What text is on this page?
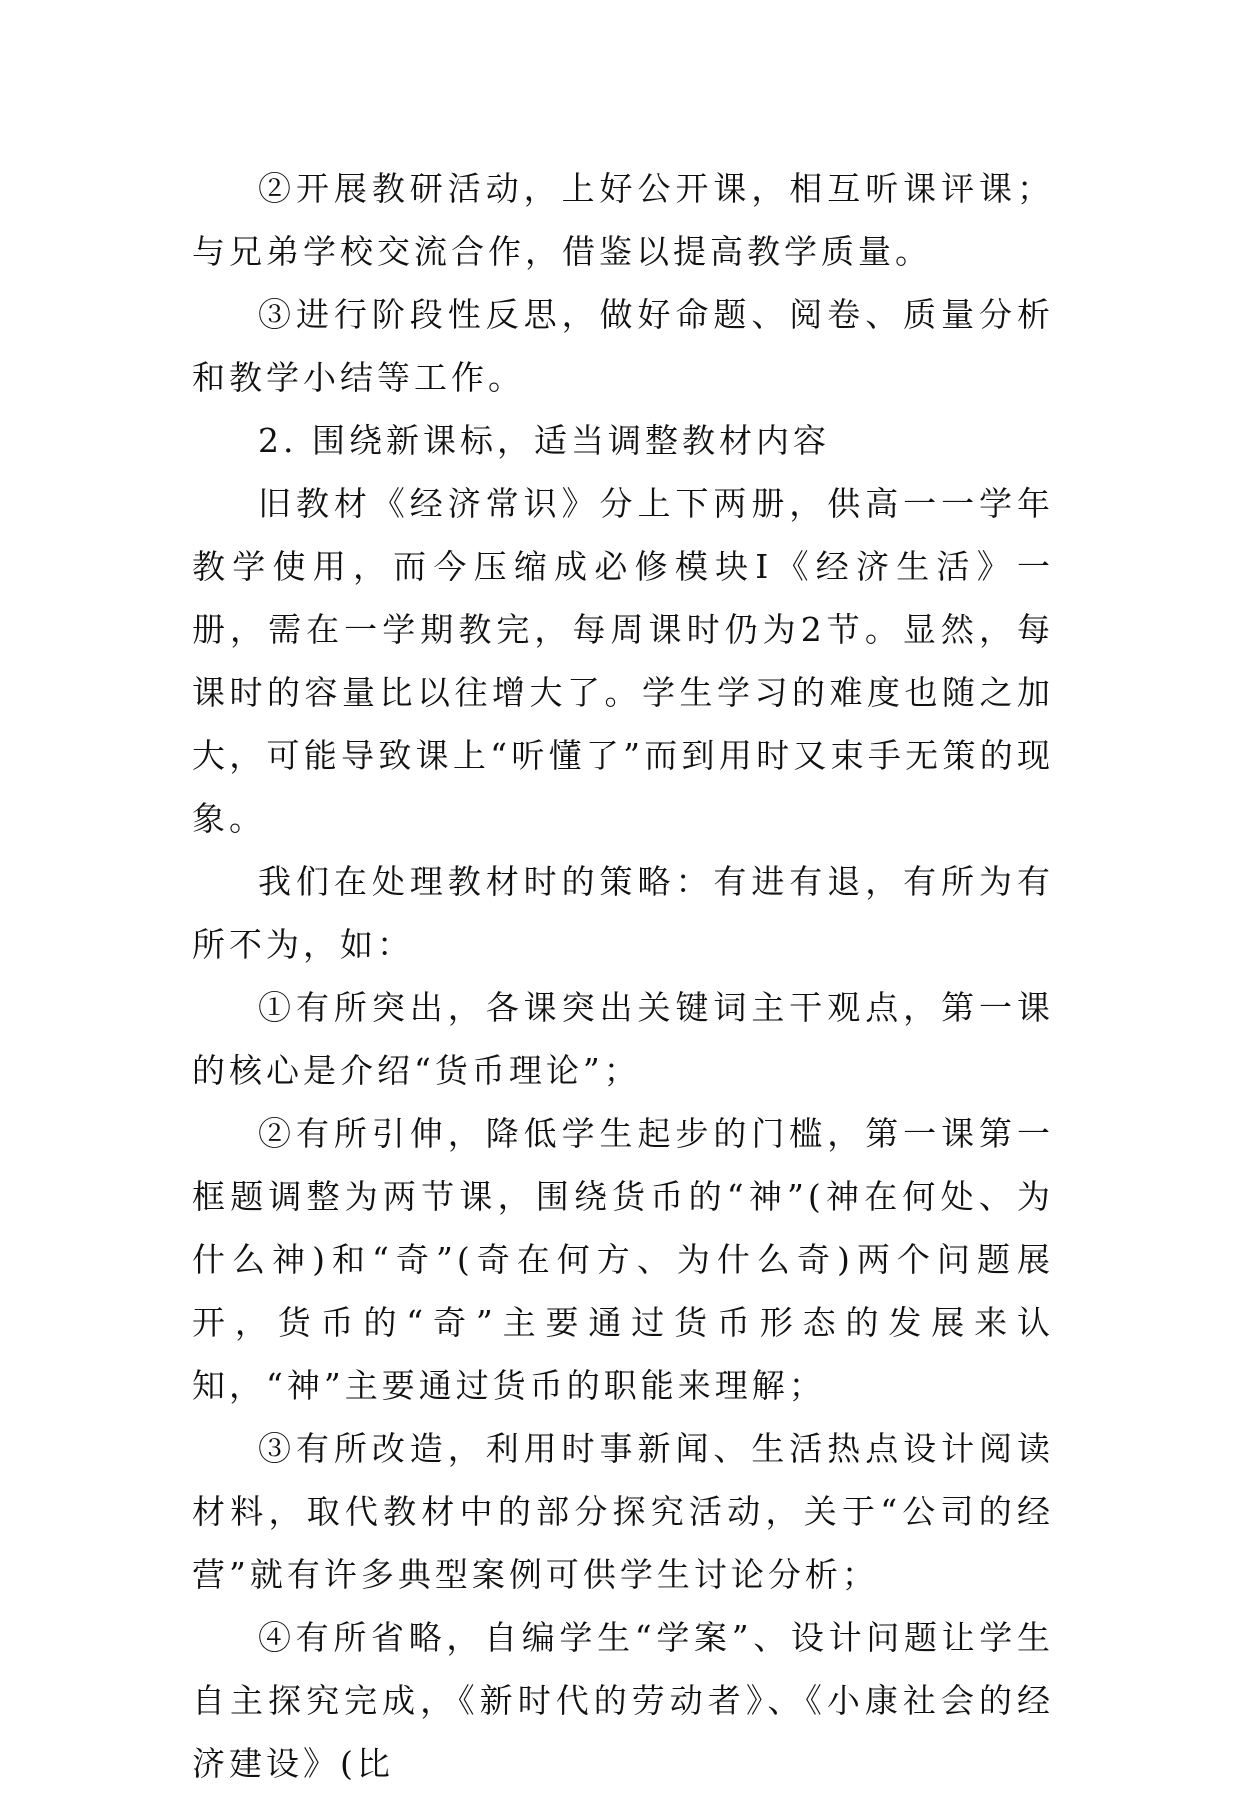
②开展教研活动，上好公开课，相互听课评课；与兄弟学校交流合作，借鉴以提高教学质量。

③进行阶段性反思，做好命题、阅卷、质量分析和教学小结等工作。

2. 围绕新课标，适当调整教材内容

旧教材《经济常识》分上下两册，供高一一学年教学使用，而今压缩成必修模块Ⅰ《经济生活》一册，需在一学期教完，每周课时仍为2节。显然，每课时的容量比以往增大了。学生学习的难度也随之加大，可能导致课上“听懂了”而到用时又束手无策的现象。

我们在处理教材时的策略：有进有退，有所为有所不为，如：

①有所突出，各课突出关键词主干观点，第一课的核心是介绍“货币理论”；

②有所引伸，降低学生起步的门槛，第一课第一框题调整为两节课，围绕货币的“神”(神在何处、为什么神)和“奇”(奇在何方、为什么奇)两个问题展开，货币的“奇”主要通过货币形态的发展来认知，“神”主要通过货币的职能来理解；

③有所改造，利用时事新闻、生活热点设计阅读材料，取代教材中的部分探究活动，关于“公司的经营”就有许多典型案例可供学生讨论分析；

④有所省略，自编学生“学案”、设计问题让学生自主探究完成，《新时代的劳动者》、《小康社会的经济建设》(比
